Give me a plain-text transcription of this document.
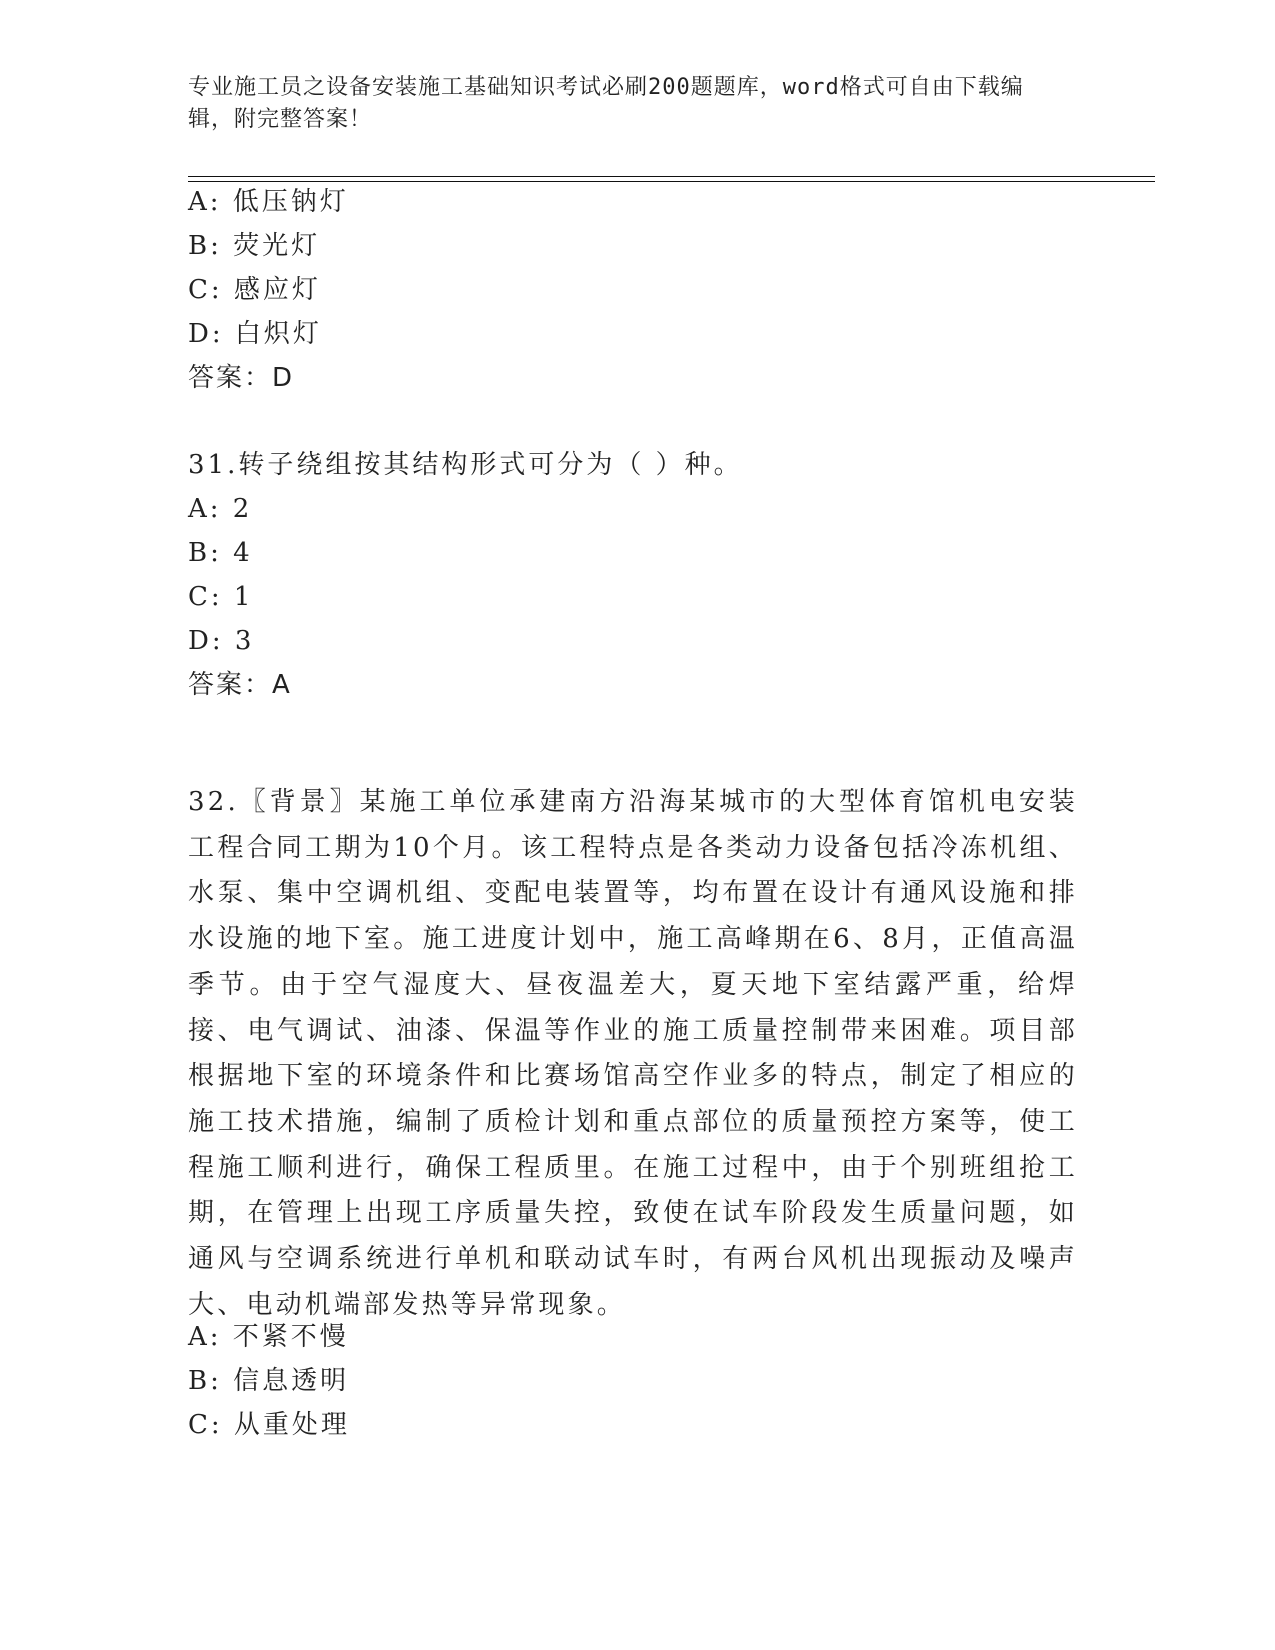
专业施工员之设备安装施工基础知识考试必刷200题题库，word格式可自由下载编辑，附完整答案！
A: 低压钠灯
B: 荧光灯
C: 感应灯
D: 白炽灯
答案：D
31.转子绕组按其结构形式可分为（ ）种。
A: 2
B: 4
C: 1
D: 3
答案：A
32.〖背景〗某施工单位承建南方沿海某城市的大型体育馆机电安装工程合同工期为10个月。该工程特点是各类动力设备包括冷冻机组、水泵、集中空调机组、变配电装置等，均布置在设计有通风设施和排水设施的地下室。施工进度计划中，施工高峰期在6、8月，正值高温季节。由于空气湿度大、昼夜温差大，夏天地下室结露严重，给焊接、电气调试、油漆、保温等作业的施工质量控制带来困难。项目部根据地下室的环境条件和比赛场馆高空作业多的特点，制定了相应的施工技术措施，编制了质检计划和重点部位的质量预控方案等，使工程施工顺利进行，确保工程质里。在施工过程中，由于个别班组抢工期，在管理上出现工序质量失控，致使在试车阶段发生质量问题，如通风与空调系统进行单机和联动试车时，有两台风机出现振动及噪声大、电动机端部发热等异常现象。
A: 不紧不慢
B: 信息透明
C: 从重处理
